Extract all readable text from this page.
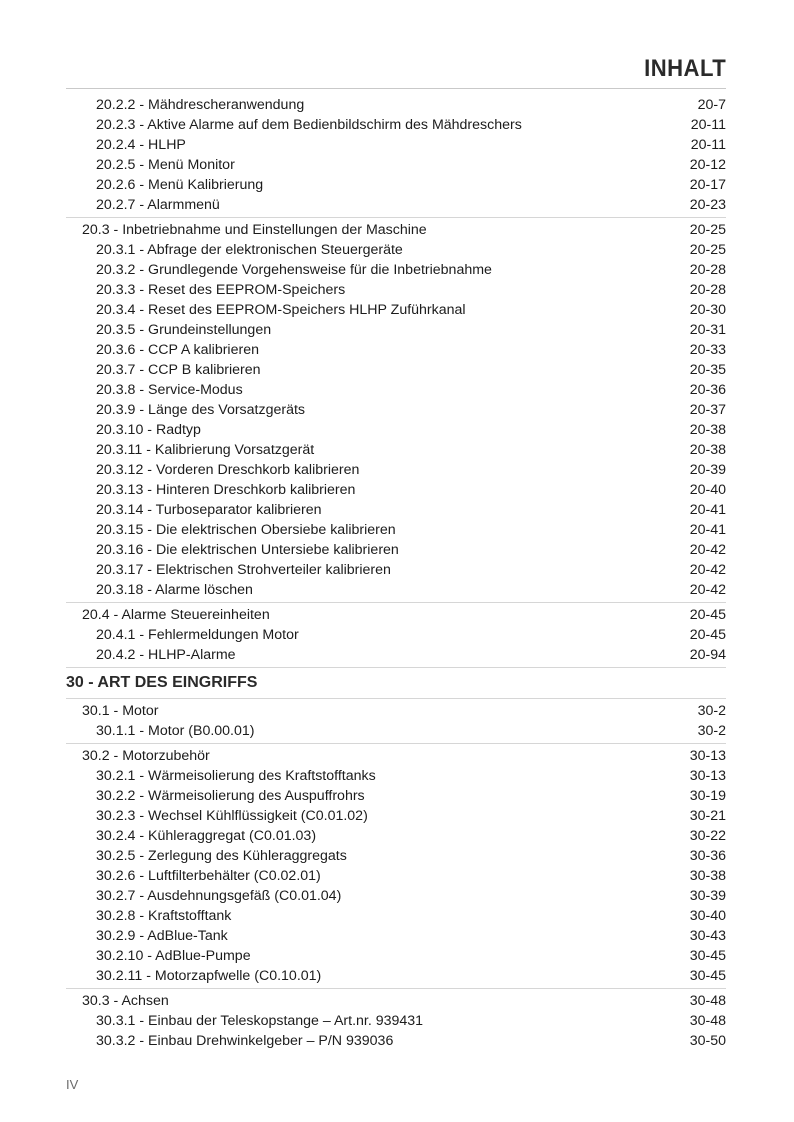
INHALT
20.2.2 - Mähdrescheranwendung	20-7
20.2.3 - Aktive Alarme auf dem Bedienbildschirm des Mähdreschers	20-11
20.2.4 - HLHP	20-11
20.2.5 - Menü Monitor	20-12
20.2.6 - Menü Kalibrierung	20-17
20.2.7 - Alarmmenü	20-23
20.3 - Inbetriebnahme und Einstellungen der Maschine	20-25
20.3.1 - Abfrage der elektronischen Steuergeräte	20-25
20.3.2 - Grundlegende Vorgehensweise für die Inbetriebnahme	20-28
20.3.3 - Reset des EEPROM-Speichers	20-28
20.3.4 - Reset des EEPROM-Speichers HLHP Zuführkanal	20-30
20.3.5 - Grundeinstellungen	20-31
20.3.6 - CCP A kalibrieren	20-33
20.3.7 - CCP B kalibrieren	20-35
20.3.8 - Service-Modus	20-36
20.3.9 - Länge des Vorsatzgeräts	20-37
20.3.10 - Radtyp	20-38
20.3.11 - Kalibrierung Vorsatzgerät	20-38
20.3.12 - Vorderen Dreschkorb kalibrieren	20-39
20.3.13 - Hinteren Dreschkorb kalibrieren	20-40
20.3.14 - Turboseparator kalibrieren	20-41
20.3.15 - Die elektrischen Obersiebe kalibrieren	20-41
20.3.16 - Die elektrischen Untersiebe kalibrieren	20-42
20.3.17 - Elektrischen Strohverteiler kalibrieren	20-42
20.3.18 - Alarme löschen	20-42
20.4 - Alarme Steuereinheiten	20-45
20.4.1 - Fehlermeldungen Motor	20-45
20.4.2 - HLHP-Alarme	20-94
30 - ART DES EINGRIFFS
30.1 - Motor	30-2
30.1.1 - Motor (B0.00.01)	30-2
30.2 - Motorzubehör	30-13
30.2.1 - Wärmeisolierung des Kraftstofftanks	30-13
30.2.2 - Wärmeisolierung des Auspuffrohrs	30-19
30.2.3 - Wechsel Kühlflüssigkeit (C0.01.02)	30-21
30.2.4 - Kühleraggregat (C0.01.03)	30-22
30.2.5 - Zerlegung des Kühleraggregats	30-36
30.2.6 - Luftfilterbehälter (C0.02.01)	30-38
30.2.7 - Ausdehnungsgefäß (C0.01.04)	30-39
30.2.8 - Kraftstofftank	30-40
30.2.9 - AdBlue-Tank	30-43
30.2.10 - AdBlue-Pumpe	30-45
30.2.11 - Motorzapfwelle (C0.10.01)	30-45
30.3 - Achsen	30-48
30.3.1 - Einbau der Teleskopstange – Art.nr. 939431	30-48
30.3.2 - Einbau Drehwinkelgeber – P/N 939036	30-50
IV
